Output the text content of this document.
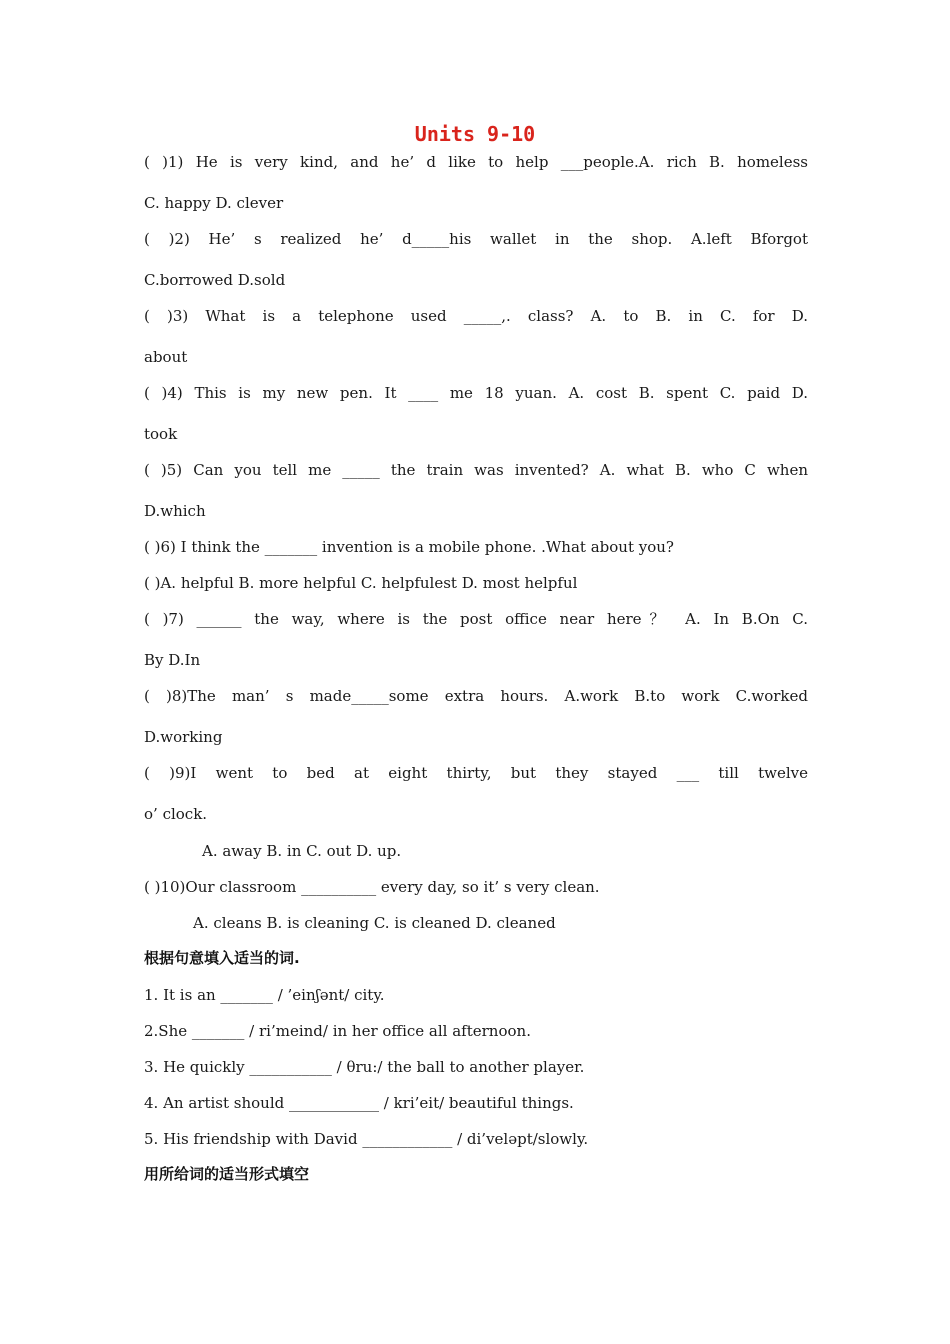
Units 9-10
( )1) He is very kind, and he’ d like to help ___people.A. rich B. homeless
C. happy D. clever
( )2) He’ s realized he’ d_____his wallet in the shop. A.left Bforgot
C.borrowed D.sold
( )3) What is a telephone used _____,. class? A. to B. in C. for D.
about
( )4) This is my new pen. It ____ me 18 yuan. A. cost B. spent C. paid D.
took
( )5) Can you tell me _____ the train was invented? A. what B. who C when
D.which
( )6) I think the _______ invention is a mobile phone. .What about you?
( )A. helpful B. more helpful C. helpfulest D. most helpful
( )7) ______ the way, where is the post office near here？ A. In B.On C.
By D.In
( )8)The man’ s made_____some extra hours. A.work B.to work C.worked
D.working
( )9)I went to bed at eight thirty, but they stayed ___ till twelve
o’ clock.
A. away B. in C. out D. up.
( )10)Our classroom __________ every day, so it’ s very clean.
A. cleans B. is cleaning C. is cleaned D. cleaned
根据句意填入适当的词.
1. It is an _______ / ’einʃənt/ city.
2.She _______ / ri’meind/ in her office all afternoon.
3. He quickly ___________ / θru:/ the ball to another player.
4. An artist should ____________ / kri’eit/ beautiful things.
5. His friendship with David ____________ / di’veləpt/slowly.
用所给词的适当形式填空
